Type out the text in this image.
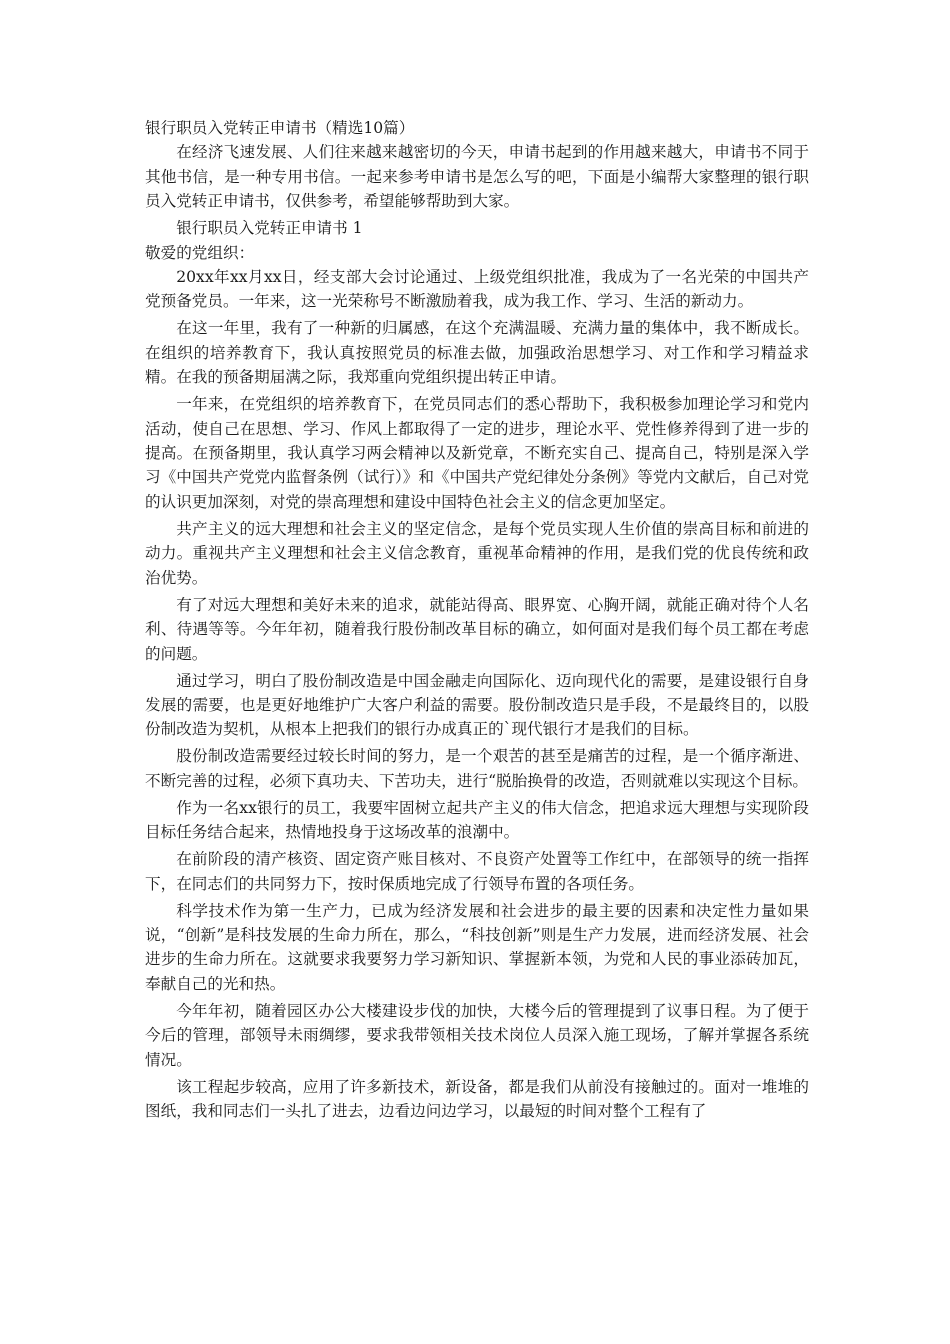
银行职员入党转正申请书（精选10篇）

在经济飞速发展、人们往来越来越密切的今天，申请书起到的作用越来越大，申请书不同于其他书信，是一种专用书信。一起来参考申请书是怎么写的吧，下面是小编帮大家整理的银行职员入党转正申请书，仅供参考，希望能够帮助到大家。

银行职员入党转正申请书 1

敬爱的党组织：

20xx年xx月xx日，经支部大会讨论通过、上级党组织批准，我成为了一名光荣的中国共产党预备党员。一年来，这一光荣称号不断激励着我，成为我工作、学习、生活的新动力。

在这一年里，我有了一种新的归属感，在这个充满温暖、充满力量的集体中，我不断成长。在组织的培养教育下，我认真按照党员的标准去做，加强政治思想学习、对工作和学习精益求精。在我的预备期届满之际，我郑重向党组织提出转正申请。

一年来，在党组织的培养教育下，在党员同志们的悉心帮助下，我积极参加理论学习和党内活动，使自己在思想、学习、作风上都取得了一定的进步，理论水平、党性修养得到了进一步的提高。在预备期里，我认真学习两会精神以及新党章，不断充实自己、提高自己，特别是深入学习《中国共产党党内监督条例（试行）》和《中国共产党纪律处分条例》等党内文献后，自己对党的认识更加深刻，对党的崇高理想和建设中国特色社会主义的信念更加坚定。

共产主义的远大理想和社会主义的坚定信念，是每个党员实现人生价值的崇高目标和前进的动力。重视共产主义理想和社会主义信念教育，重视革命精神的作用，是我们党的优良传统和政治优势。

有了对远大理想和美好未来的追求，就能站得高、眼界宽、心胸开阔，就能正确对待个人名利、待遇等等。今年年初，随着我行股份制改革目标的确立，如何面对是我们每个员工都在考虑的问题。

通过学习，明白了股份制改造是中国金融走向国际化、迈向现代化的需要，是建设银行自身发展的需要，也是更好地维护广大客户利益的需要。股份制改造只是手段，不是最终目的，以股份制改造为契机，从根本上把我们的银行办成真正的`现代银行才是我们的目标。

股份制改造需要经过较长时间的努力，是一个艰苦的甚至是痛苦的过程，是一个循序渐进、不断完善的过程，必须下真功夫、下苦功夫，进行“脱胎换骨的改造，否则就难以实现这个目标。

作为一名xx银行的员工，我要牢固树立起共产主义的伟大信念，把追求远大理想与实现阶段目标任务结合起来，热情地投身于这场改革的浪潮中。

在前阶段的清产核资、固定资产账目核对、不良资产处置等工作红中，在部领导的统一指挥下，在同志们的共同努力下，按时保质地完成了行领导布置的各项任务。

科学技术作为第一生产力，已成为经济发展和社会进步的最主要的因素和决定性力量如果说，“创新”是科技发展的生命力所在，那么，“科技创新”则是生产力发展，进而经济发展、社会进步的生命力所在。这就要求我要努力学习新知识、掌握新本领，为党和人民的事业添砖加瓦，奉献自己的光和热。

今年年初，随着园区办公大楼建设步伐的加快，大楼今后的管理提到了议事日程。为了便于今后的管理，部领导未雨绸缪，要求我带领相关技术岗位人员深入施工现场，了解并掌握各系统情况。

该工程起步较高，应用了许多新技术，新设备，都是我们从前没有接触过的。面对一堆堆的图纸，我和同志们一头扎了进去，边看边问边学习，以最短的时间对整个工程有了
